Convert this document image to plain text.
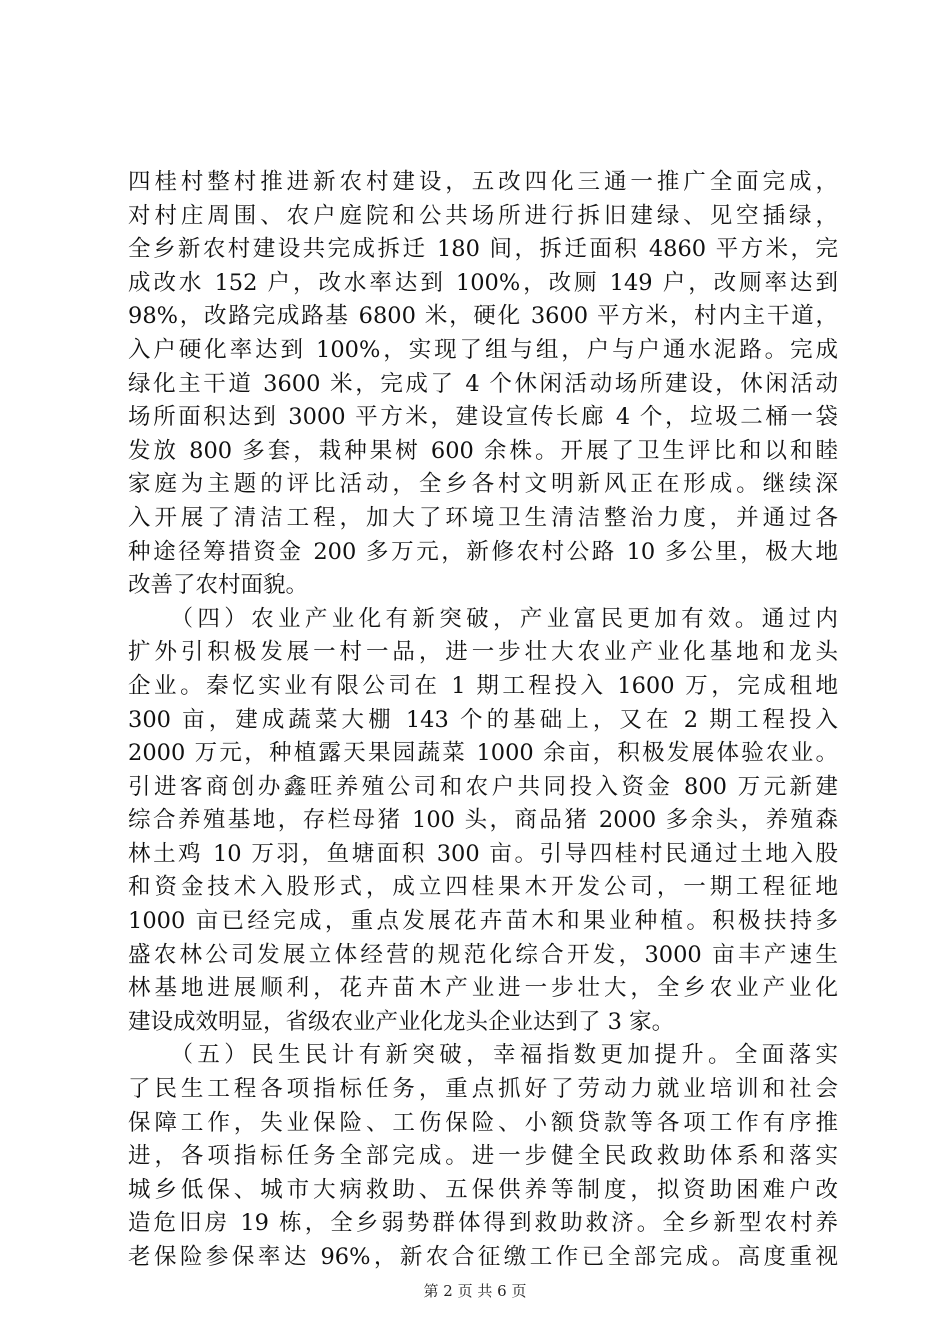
四桂村整村推进新农村建设，五改四化三通一推广全面完成，
对村庄周围、农户庭院和公共场所进行拆旧建绿、见空插绿，
全乡新农村建设共完成拆迁 180 间，拆迁面积 4860 平方米，完
成改水 152 户，改水率达到 100%，改厕 149 户，改厕率达到
98%，改路完成路基 6800 米，硬化 3600 平方米，村内主干道，
入户硬化率达到 100%，实现了组与组，户与户通水泥路。完成
绿化主干道 3600 米，完成了 4 个休闲活动场所建设，休闲活动
场所面积达到 3000 平方米，建设宣传长廊 4 个，垃圾二桶一袋
发放 800 多套，栽种果树 600 余株。开展了卫生评比和以和睦
家庭为主题的评比活动，全乡各村文明新风正在形成。继续深
入开展了清洁工程，加大了环境卫生清洁整治力度，并通过各
种途径筹措资金 200 多万元，新修农村公路 10 多公里，极大地
改善了农村面貌。
　　（四）农业产业化有新突破，产业富民更加有效。通过内
扩外引积极发展一村一品，进一步壮大农业产业化基地和龙头
企业。秦忆实业有限公司在 1 期工程投入 1600 万，完成租地
300 亩，建成蔬菜大棚 143 个的基础上，又在 2 期工程投入
2000 万元，种植露天果园蔬菜 1000 余亩，积极发展体验农业。
引进客商创办鑫旺养殖公司和农户共同投入资金 800 万元新建
综合养殖基地，存栏母猪 100 头，商品猪 2000 多余头，养殖森
林土鸡 10 万羽，鱼塘面积 300 亩。引导四桂村民通过土地入股
和资金技术入股形式，成立四桂果木开发公司，一期工程征地
1000 亩已经完成，重点发展花卉苗木和果业种植。积极扶持多
盛农林公司发展立体经营的规范化综合开发，3000 亩丰产速生
林基地进展顺利，花卉苗木产业进一步壮大，全乡农业产业化
建设成效明显，省级农业产业化龙头企业达到了 3 家。
　　（五）民生民计有新突破，幸福指数更加提升。全面落实
了民生工程各项指标任务，重点抓好了劳动力就业培训和社会
保障工作，失业保险、工伤保险、小额贷款等各项工作有序推
进，各项指标任务全部完成。进一步健全民政救助体系和落实
城乡低保、城市大病救助、五保供养等制度，拟资助困难户改
造危旧房 19 栋，全乡弱势群体得到救助救济。全乡新型农村养
老保险参保率达 96%，新农合征缴工作已全部完成。高度重视
第 2 页 共 6 页
